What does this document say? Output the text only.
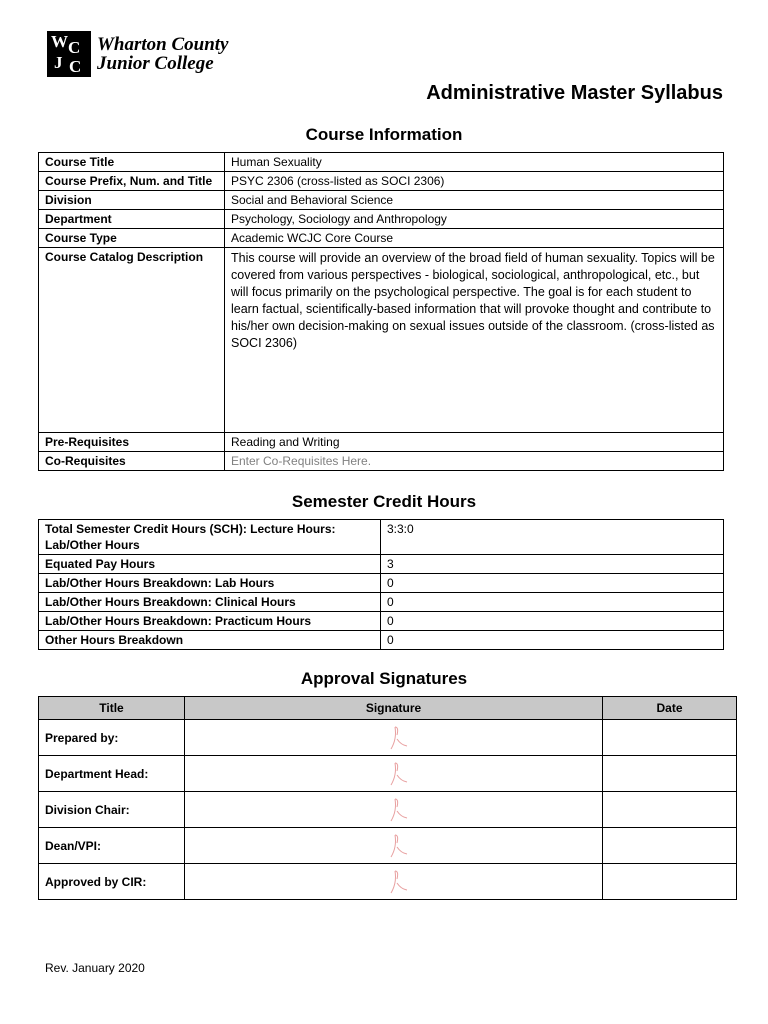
W C
J C
Wharton County
Junior College
Administrative Master Syllabus
Course Information
Course Title	Human Sexuality
Course Prefix, Num. and Title	PSYC 2306 (cross-listed as SOCI 2306)
Division	Social and Behavioral Science
Department	Psychology, Sociology and Anthropology
Course Type	Academic WCJC Core Course
Course Catalog Description	This course will provide an overview of the broad field of human sexuality. Topics will be covered from various perspectives - biological, sociological, anthropological, etc., but will focus primarily on the psychological perspective. The goal is for each student to learn factual, scientifically-based information that will provoke thought and contribute to his/her own decision-making on sexual issues outside of the classroom. (cross-listed as SOCI 2306)
Pre-Requisites	Reading and Writing
Co-Requisites	Enter Co-Requisites Here.
Semester Credit Hours
Total Semester Credit Hours (SCH): Lecture Hours: Lab/Other Hours	3:3:0
Equated Pay Hours	3
Lab/Other Hours Breakdown: Lab Hours	0
Lab/Other Hours Breakdown: Clinical Hours	0
Lab/Other Hours Breakdown: Practicum Hours	0
Other Hours Breakdown	0
Approval Signatures
Title	Signature	Date
Prepared by:	

Department Head:	

Division Chair:	

Dean/VPI:	

Approved by CIR:	

Rev. January 2020
